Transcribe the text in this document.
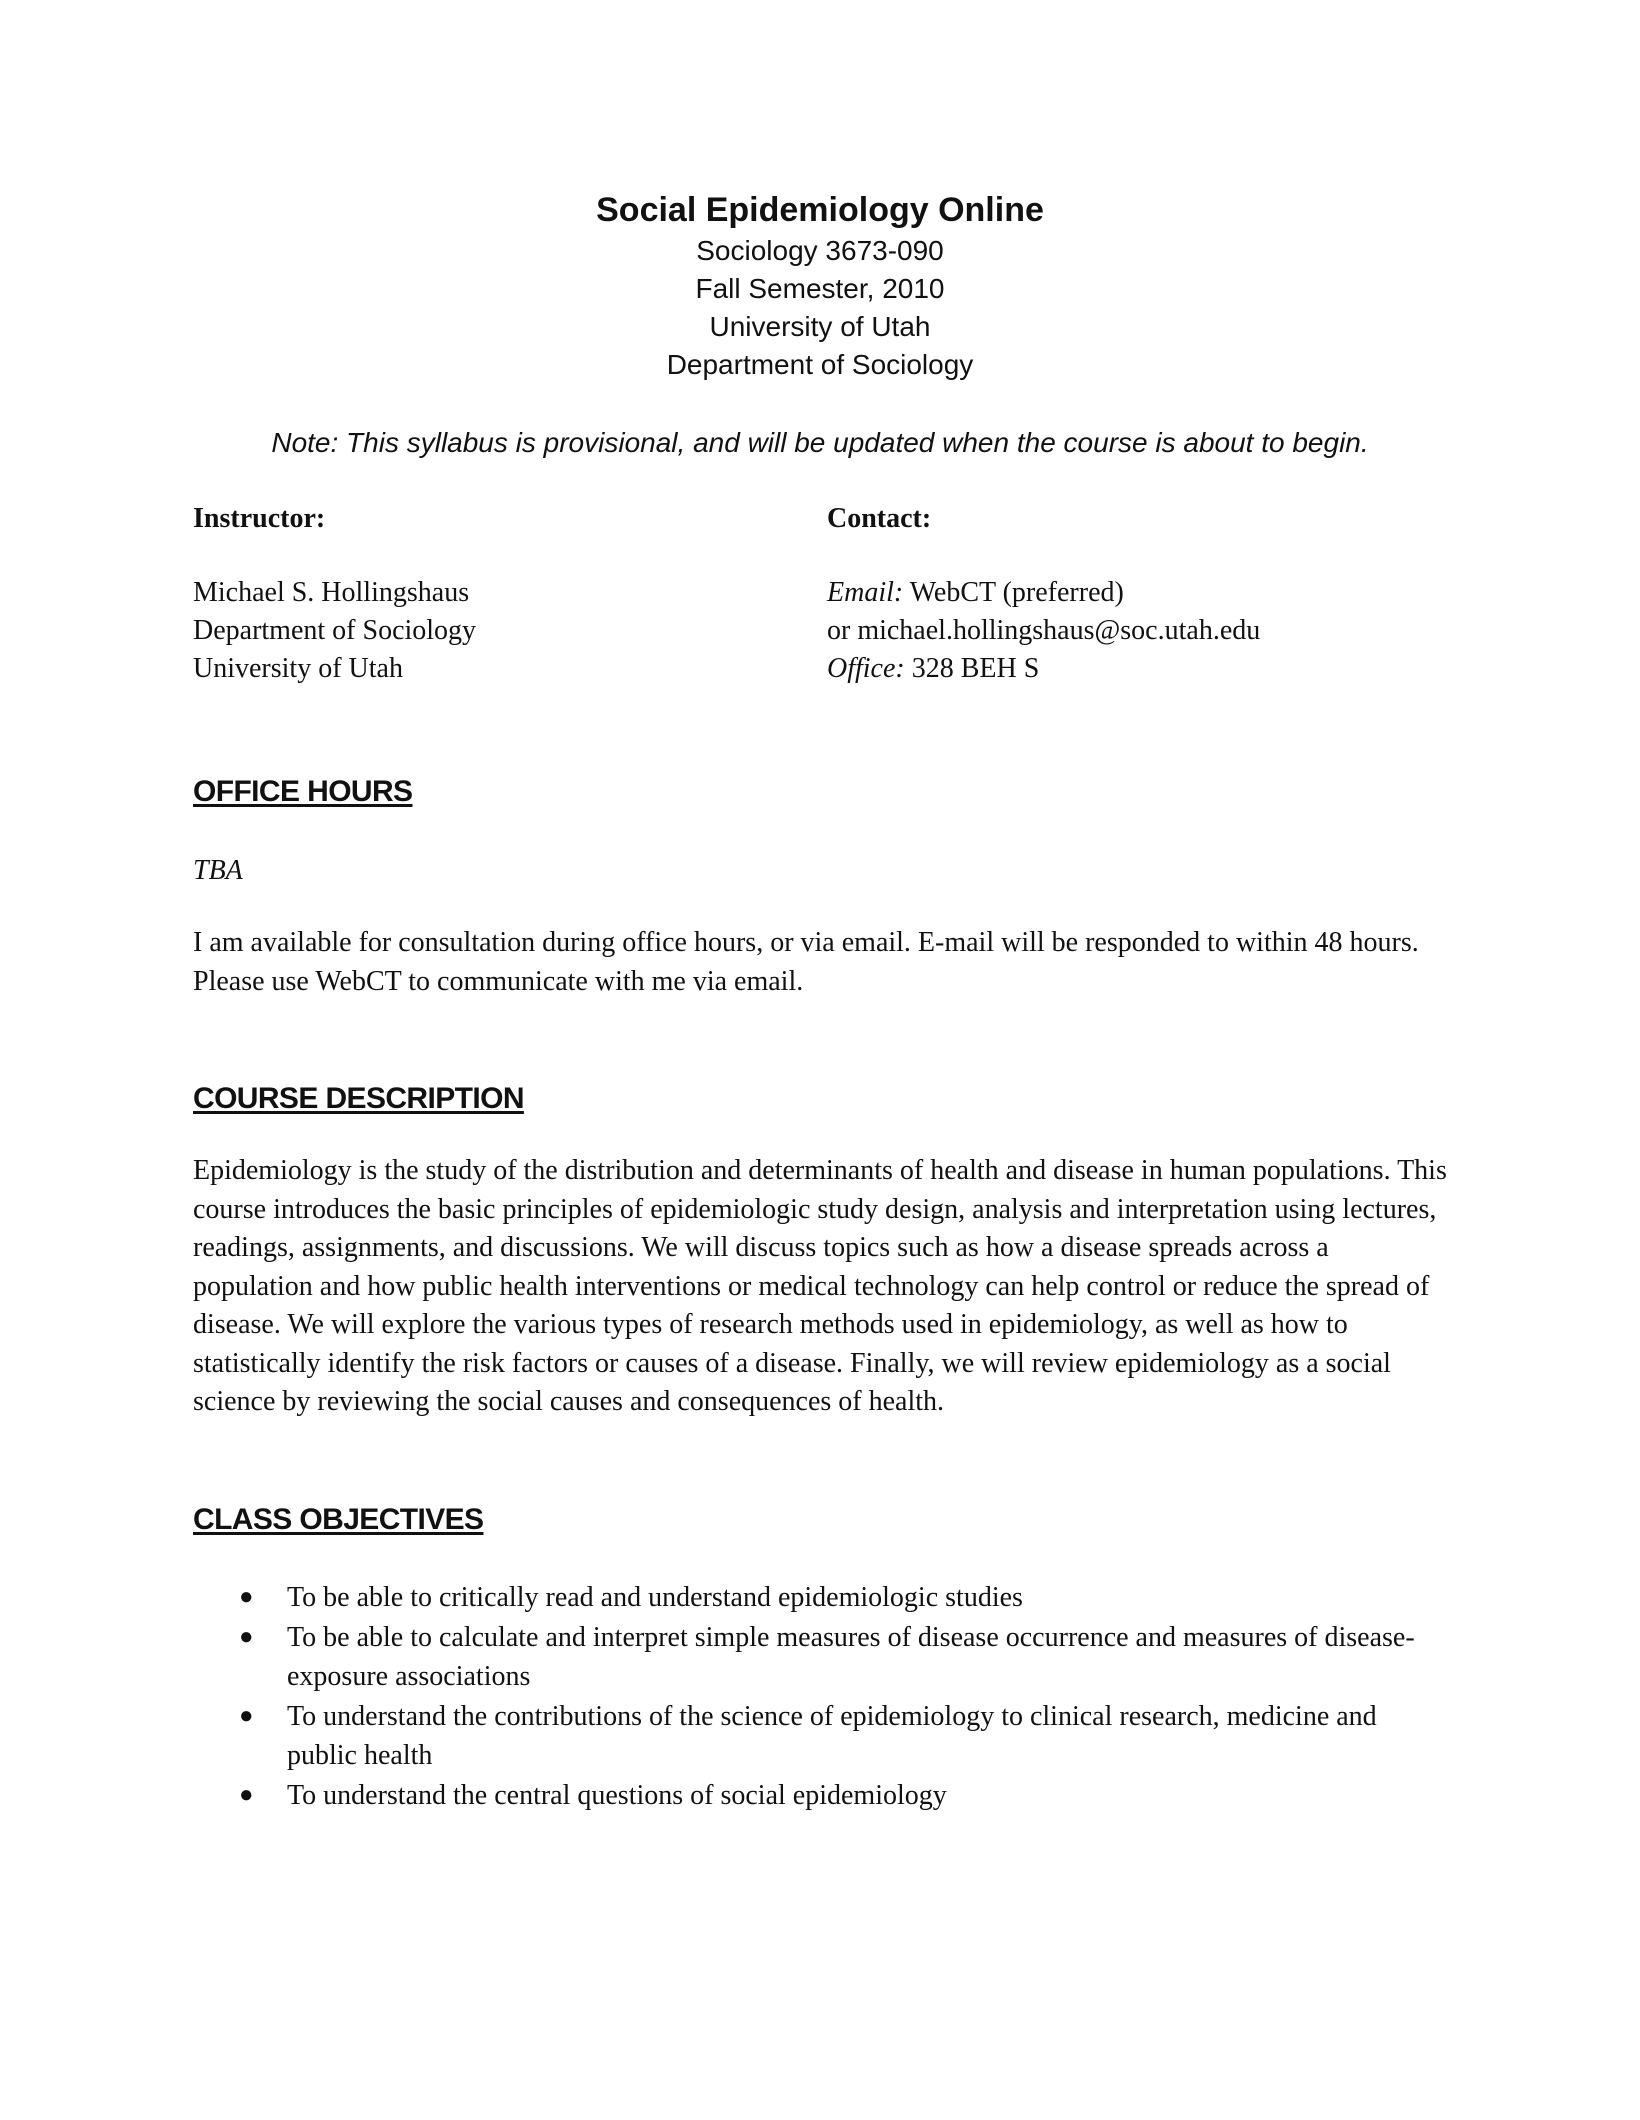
Social Epidemiology Online

Sociology 3673-090

Fall Semester, 2010

University of Utah

Department of Sociology

Note: This syllabus is provisional, and will be updated when the course is about to begin.

Instructor:

Michael S. Hollingshaus

Department of Sociology

University of Utah

Contact:

Email: WebCT (preferred)

or michael.hollingshaus@soc.utah.edu

Office: 328 BEH S

OFFICE HOURS

TBA

I am available for consultation during office hours, or via email. E-mail will be responded to within 48 hours. Please use WebCT to communicate with me via email.

COURSE DESCRIPTION

Epidemiology is the study of the distribution and determinants of health and disease in human populations. This course introduces the basic principles of epidemiologic study design, analysis and interpretation using lectures, readings, assignments, and discussions. We will discuss topics such as how a disease spreads across a population and how public health interventions or medical technology can help control or reduce the spread of disease. We will explore the various types of research methods used in epidemiology, as well as how to statistically identify the risk factors or causes of a disease. Finally, we will review epidemiology as a social science by reviewing the social causes and consequences of health.

CLASS OBJECTIVES

● To be able to critically read and understand epidemiologic studies
● To be able to calculate and interpret simple measures of disease occurrence and measures of disease-exposure associations
● To understand the contributions of the science of epidemiology to clinical research, medicine and public health
● To understand the central questions of social epidemiology
